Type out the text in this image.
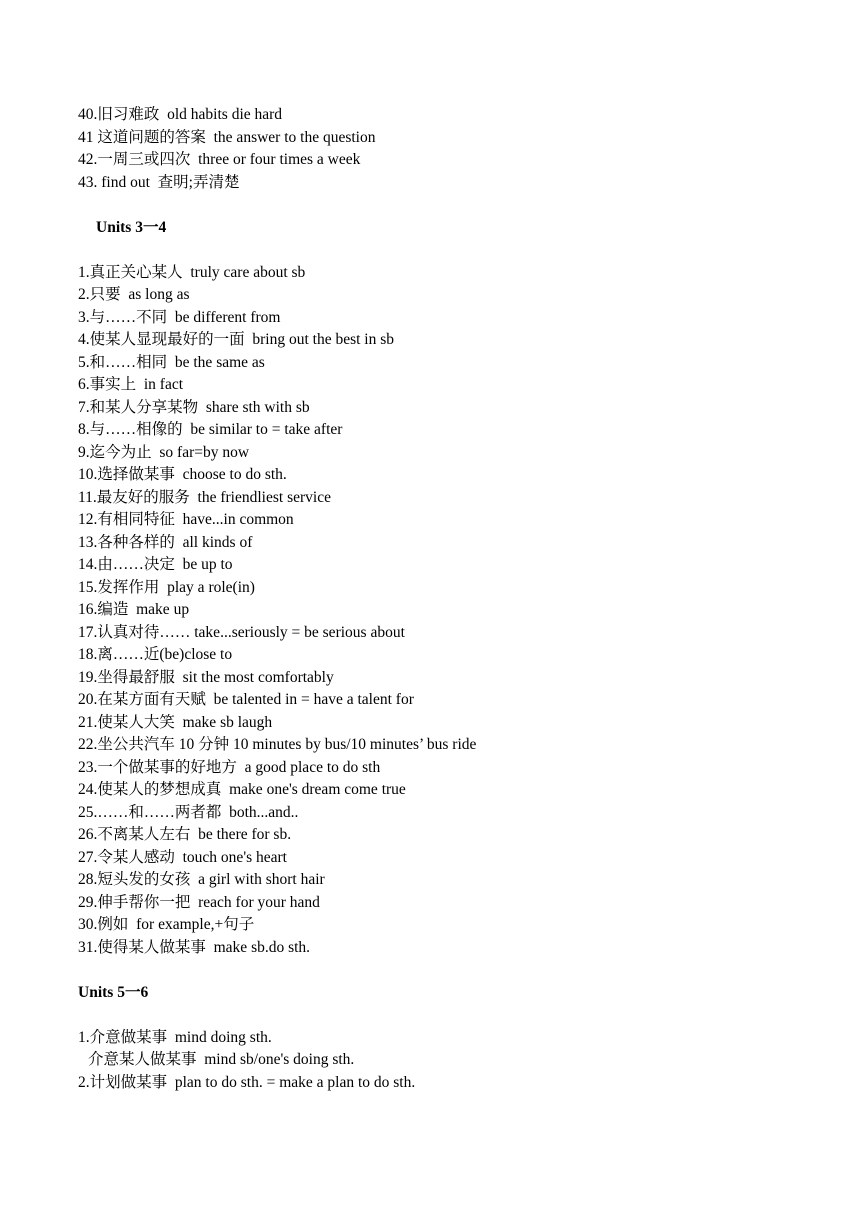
40.旧习难政  old habits die hard
41 这道问题的答案  the answer to the question
42.一周三或四次  three or four times a week
43. find out  查明;弄清楚
Units 3一4
1.真正关心某人  truly care about sb
2.只要  as long as
3.与……不同  be different from
4.使某人显现最好的一面  bring out the best in sb
5.和……相同  be the same as
6.事实上  in fact
7.和某人分享某物  share sth with sb
8.与……相像的  be similar to = take after
9.迄今为止  so far=by now
10.选择做某事  choose to do sth.
11.最友好的服务  the friendliest service
12.有相同特征  have...in common
13.各种各样的  all kinds of
14.由……决定  be up to
15.发挥作用  play a role(in)
16.编造  make up
17.认真对待…… take...seriously = be serious about
18.离……近(be)close to
19.坐得最舒服  sit the most comfortably
20.在某方面有天赋  be talented in = have a talent for
21.使某人大笑  make sb laugh
22.坐公共汽车 10 分钟 10 minutes by bus/10 minutes’ bus ride
23.一个做某事的好地方  a good place to do sth
24.使某人的梦想成真  make one's dream come true
25.……和……两者都  both...and..
26.不离某人左右  be there for sb.
27.令某人感动  touch one's heart
28.短头发的女孩  a girl with short hair
29.伸手帮你一把  reach for your hand
30.例如  for example,+句子
31.使得某人做某事  make sb.do sth.
Units 5一6
1.介意做某事  mind doing sth.
介意某人做某事  mind sb/one's doing sth.
2.计划做某事  plan to do sth. = make a plan to do sth.
